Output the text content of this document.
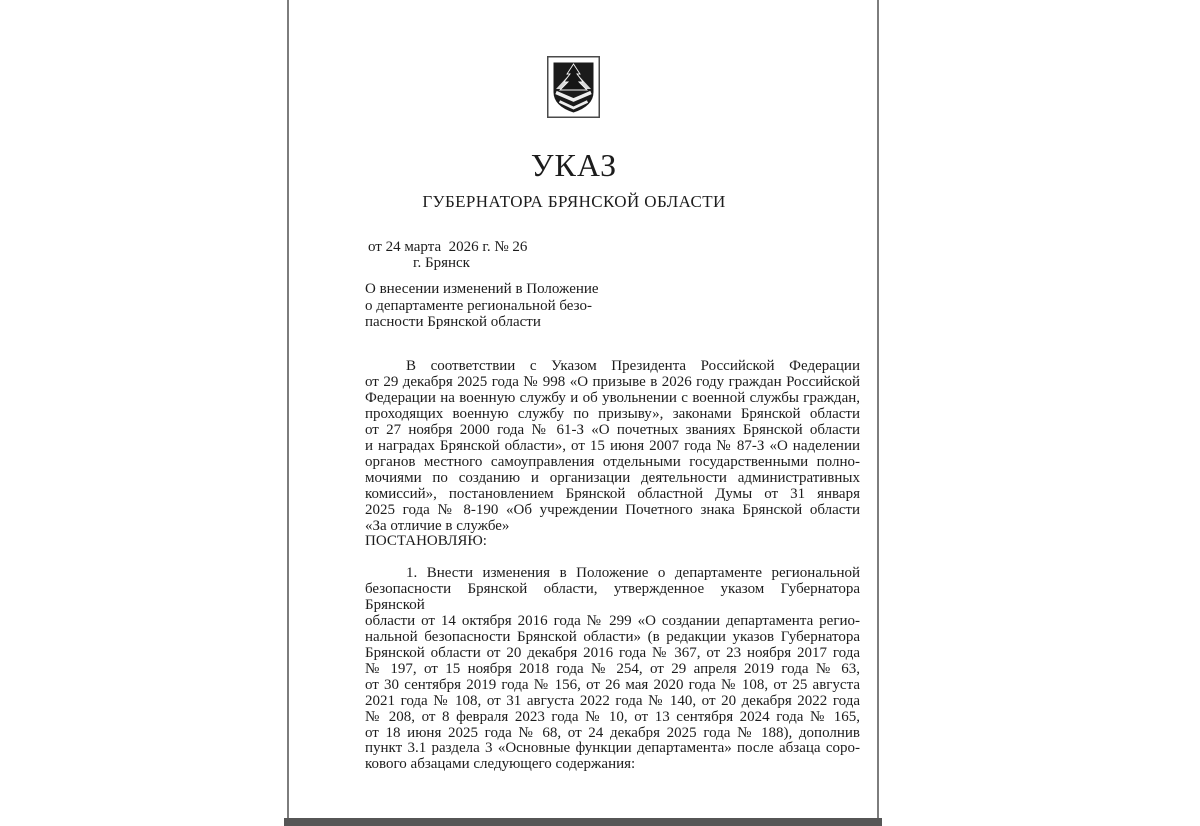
УКАЗ
ГУБЕРНАТОРА БРЯНСКОЙ ОБЛАСТИ
от 24 марта  2026 г. № 26
г. Брянск
О внесении изменений в Положение
о департаменте региональной безо-
пасности Брянской области
В соответствии с Указом Президента Российской Федерации
от 29 декабря 2025 года № 998 «О призыве в 2026 году граждан Российской
Федерации на военную службу и об увольнении с военной службы граждан,
проходящих военную службу по призыву», законами Брянской области
от 27 ноября 2000 года № 61-З «О почетных званиях Брянской области
и наградах Брянской области», от 15 июня 2007 года № 87-З «О наделении
органов местного самоуправления отдельными государственными полно-
мочиями по созданию и организации деятельности административных
комиссий», постановлением Брянской областной Думы от 31 января
2025 года № 8-190 «Об учреждении Почетного знака Брянской области
«За отличие в службе»
ПОСТАНОВЛЯЮ:
1. Внести изменения в Положение о департаменте региональной
безопасности Брянской области, утвержденное указом Губернатора Брянской
области от 14 октября 2016 года № 299 «О создании департамента регио-
нальной безопасности Брянской области» (в редакции указов Губернатора
Брянской области от 20 декабря 2016 года № 367, от 23 ноября 2017 года
№ 197, от 15 ноября 2018 года № 254, от 29 апреля 2019 года № 63,
от 30 сентября 2019 года № 156, от 26 мая 2020 года № 108, от 25 августа
2021 года № 108, от 31 августа 2022 года № 140, от 20 декабря 2022 года
№ 208, от 8 февраля 2023 года № 10, от 13 сентября 2024 года № 165,
от 18 июня 2025 года № 68, от 24 декабря 2025 года № 188), дополнив
пункт 3.1 раздела 3 «Основные функции департамента» после абзаца соро-
кового абзацами следующего содержания:
